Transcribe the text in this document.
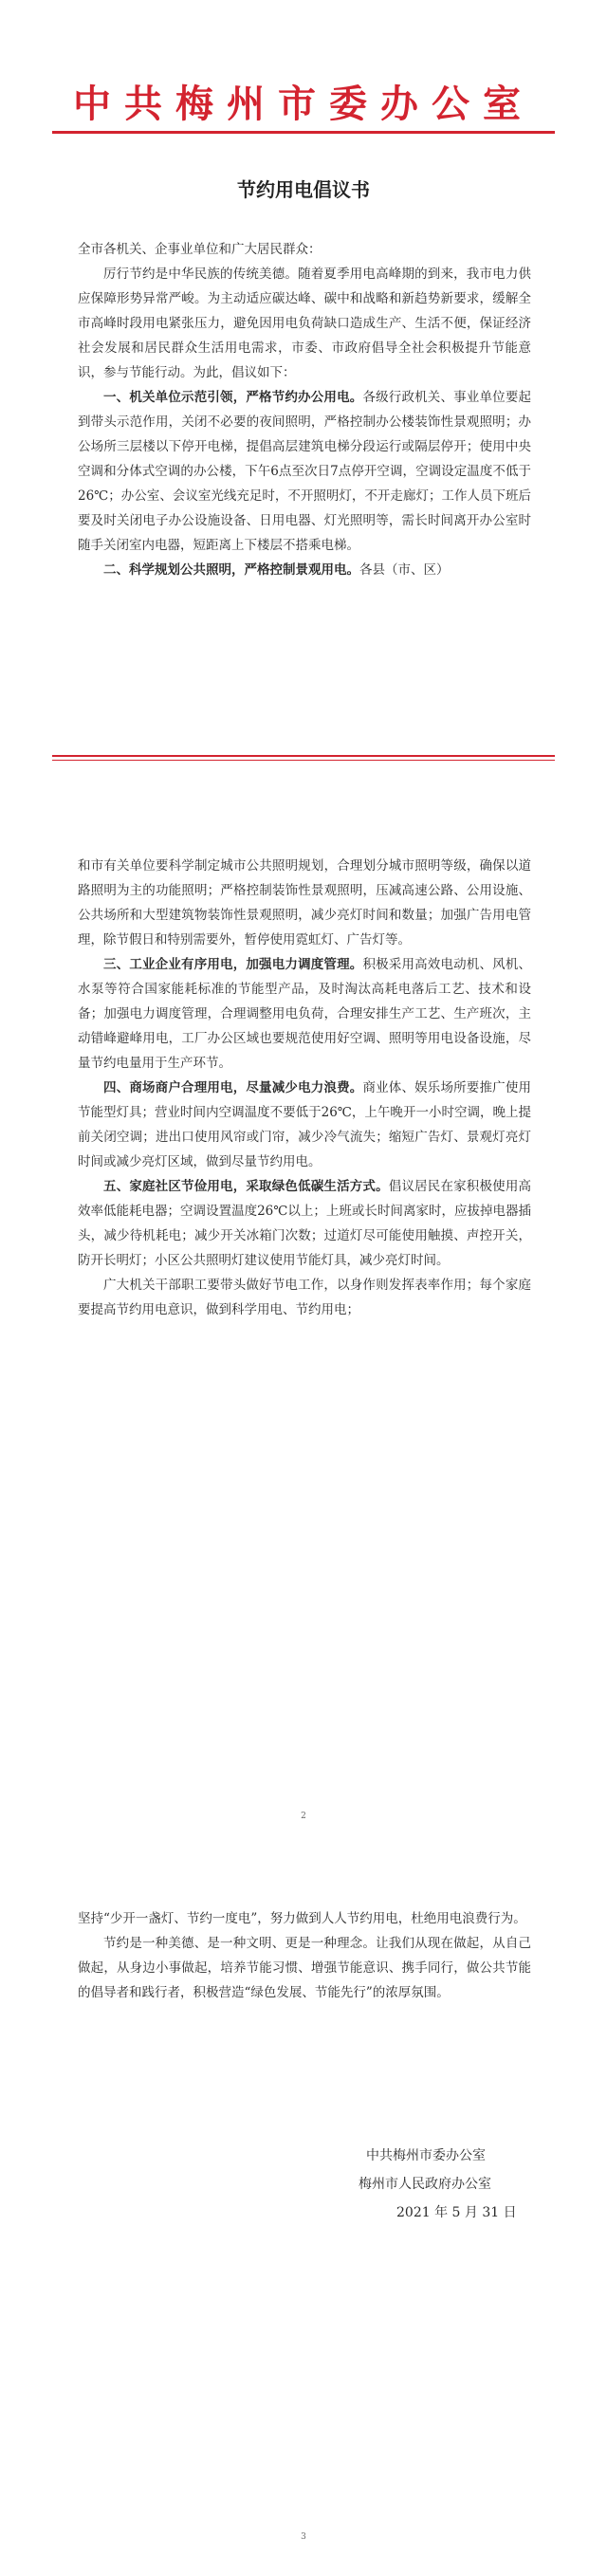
中共梅州市委办公室
节约用电倡议书

全市各机关、企事业单位和广大居民群众：

厉行节约是中华民族的传统美德。随着夏季用电高峰期的到来，我市电力供应保障形势异常严峻。为主动适应碳达峰、碳中和战略和新趋势新要求，缓解全市高峰时段用电紧张压力，避免因用电负荷缺口造成生产、生活不便，保证经济社会发展和居民群众生活用电需求，市委、市政府倡导全社会积极提升节能意识，参与节能行动。为此，倡议如下：

一、机关单位示范引领，严格节约办公用电。各级行政机关、事业单位要起到带头示范作用，关闭不必要的夜间照明，严格控制办公楼装饰性景观照明；办公场所三层楼以下停开电梯，提倡高层建筑电梯分段运行或隔层停开；使用中央空调和分体式空调的办公楼，下午6点至次日7点停开空调，空调设定温度不低于26℃；办公室、会议室光线充足时，不开照明灯，不开走廊灯；工作人员下班后要及时关闭电子办公设施设备、日用电器、灯光照明等，需长时间离开办公室时随手关闭室内电器，短距离上下楼层不搭乘电梯。

二、科学规划公共照明，严格控制景观用电。各县（市、区）

和市有关单位要科学制定城市公共照明规划，合理划分城市照明等级，确保以道路照明为主的功能照明；严格控制装饰性景观照明，压减高速公路、公用设施、公共场所和大型建筑物装饰性景观照明，减少亮灯时间和数量；加强广告用电管理，除节假日和特别需要外，暂停使用霓虹灯、广告灯等。

三、工业企业有序用电，加强电力调度管理。积极采用高效电动机、风机、水泵等符合国家能耗标准的节能型产品，及时淘汰高耗电落后工艺、技术和设备；加强电力调度管理，合理调整用电负荷，合理安排生产工艺、生产班次，主动错峰避峰用电，工厂办公区域也要规范使用好空调、照明等用电设备设施，尽量节约电量用于生产环节。

四、商场商户合理用电，尽量减少电力浪费。商业体、娱乐场所要推广使用节能型灯具；营业时间内空调温度不要低于26℃，上午晚开一小时空调，晚上提前关闭空调；进出口使用风帘或门帘，减少冷气流失；缩短广告灯、景观灯亮灯时间或减少亮灯区域，做到尽量节约用电。

五、家庭社区节俭用电，采取绿色低碳生活方式。倡议居民在家积极使用高效率低能耗电器；空调设置温度26℃以上；上班或长时间离家时，应拔掉电器插头，减少待机耗电；减少开关冰箱门次数；过道灯尽可能使用触摸、声控开关，防开长明灯；小区公共照明灯建议使用节能灯具，减少亮灯时间。

广大机关干部职工要带头做好节电工作，以身作则发挥表率作用；每个家庭要提高节约用电意识，做到科学用电、节约用电；

2

坚持“少开一盏灯、节约一度电”，努力做到人人节约用电，杜绝用电浪费行为。

节约是一种美德、是一种文明、更是一种理念。让我们从现在做起，从自己做起，从身边小事做起，培养节能习惯、增强节能意识、携手同行，做公共节能的倡导者和践行者，积极营造“绿色发展、节能先行”的浓厚氛围。

中共梅州市委办公室
梅州市人民政府办公室
2021 年 5 月 31 日
3
